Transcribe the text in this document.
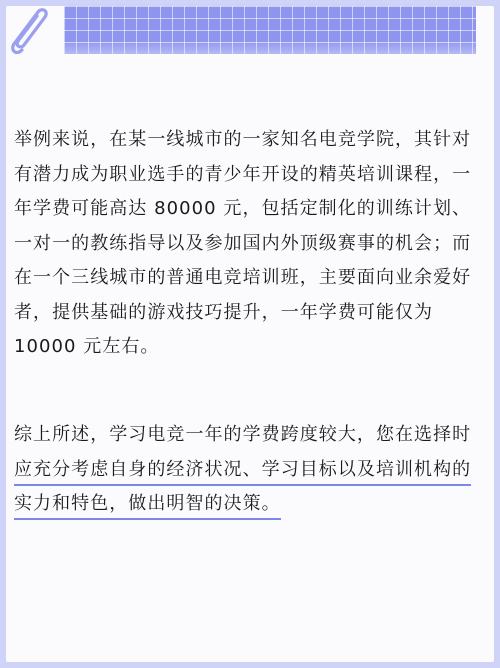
举例来说，在某一线城市的一家知名电竞学院，其针对
有潜力成为职业选手的青少年开设的精英培训课程，一
年学费可能高达 80000 元，包括定制化的训练计划、
一对一的教练指导以及参加国内外顶级赛事的机会；而
在一个三线城市的普通电竞培训班，主要面向业余爱好
者，提供基础的游戏技巧提升，一年学费可能仅为
10000 元左右。
综上所述，学习电竞一年的学费跨度较大，您在选择时
应充分考虑自身的经济状况、学习目标以及培训机构的
实力和特色，做出明智的决策。
